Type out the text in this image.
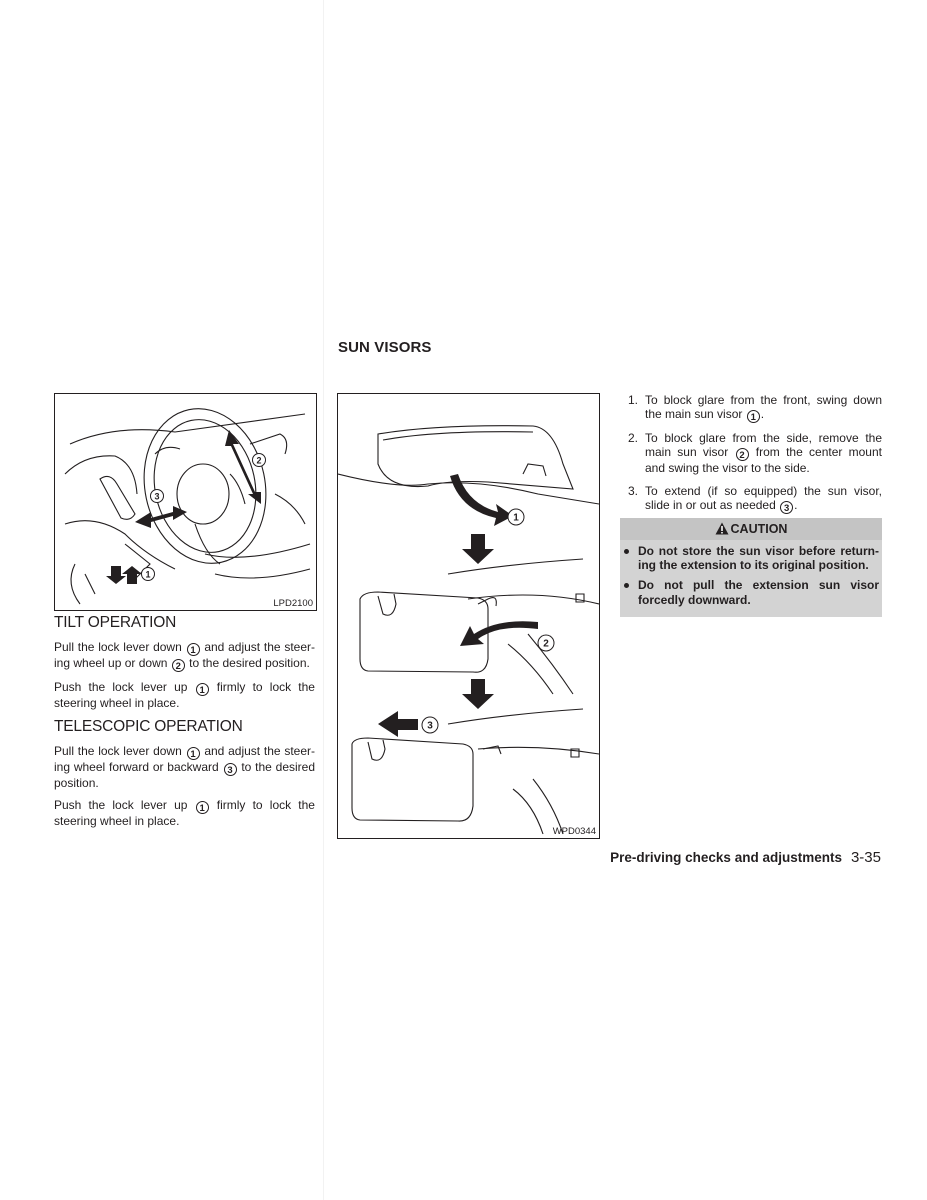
SUN VISORS
2
3
1
LPD2100
TILT OPERATION

Pull the lock lever down 1 and adjust the steer-ing wheel up or down 2 to the desired position.

Push the lock lever up 1 firmly to lock the steering wheel in place.

TELESCOPIC OPERATION

Pull the lock lever down 1 and adjust the steer-ing wheel forward or backward 3 to the desired position.

Push the lock lever up 1 firmly to lock the steering wheel in place.

1
2
3
WPD0344
1. To block glare from the front, swing down the main sun visor 1 .
2. To block glare from the side, remove the main sun visor 2 from the center mount and swing the visor to the side.
3. To extend (if so equipped) the sun visor, slide in or out as needed 3 .
CAUTION
Do not store the sun visor before return-ing the extension to its original position.
Do not pull the extension sun visor forcedly downward.
Pre-driving checks and adjustments 3-35
